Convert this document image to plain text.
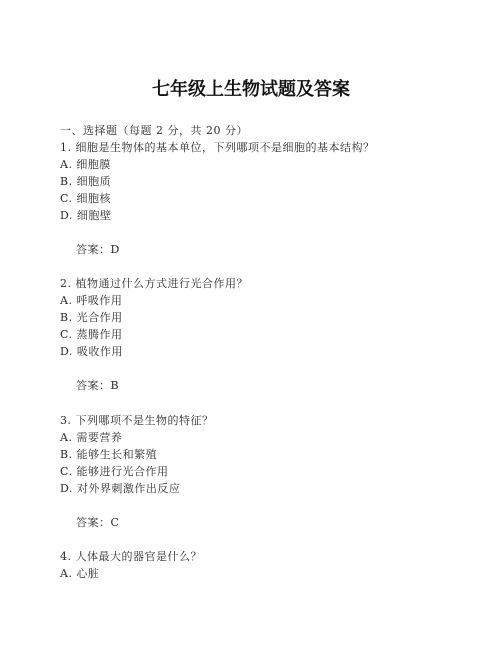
七年级上生物试题及答案
一、选择题（每题 2 分，共 20 分）
1. 细胞是生物体的基本单位，下列哪项不是细胞的基本结构？
A. 细胞膜
B. 细胞质
C. 细胞核
D. 细胞壁
答案：D
2. 植物通过什么方式进行光合作用？
A. 呼吸作用
B. 光合作用
C. 蒸腾作用
D. 吸收作用
答案：B
3. 下列哪项不是生物的特征？
A. 需要营养
B. 能够生长和繁殖
C. 能够进行光合作用
D. 对外界刺激作出反应
答案：C
4. 人体最大的器官是什么？
A. 心脏
